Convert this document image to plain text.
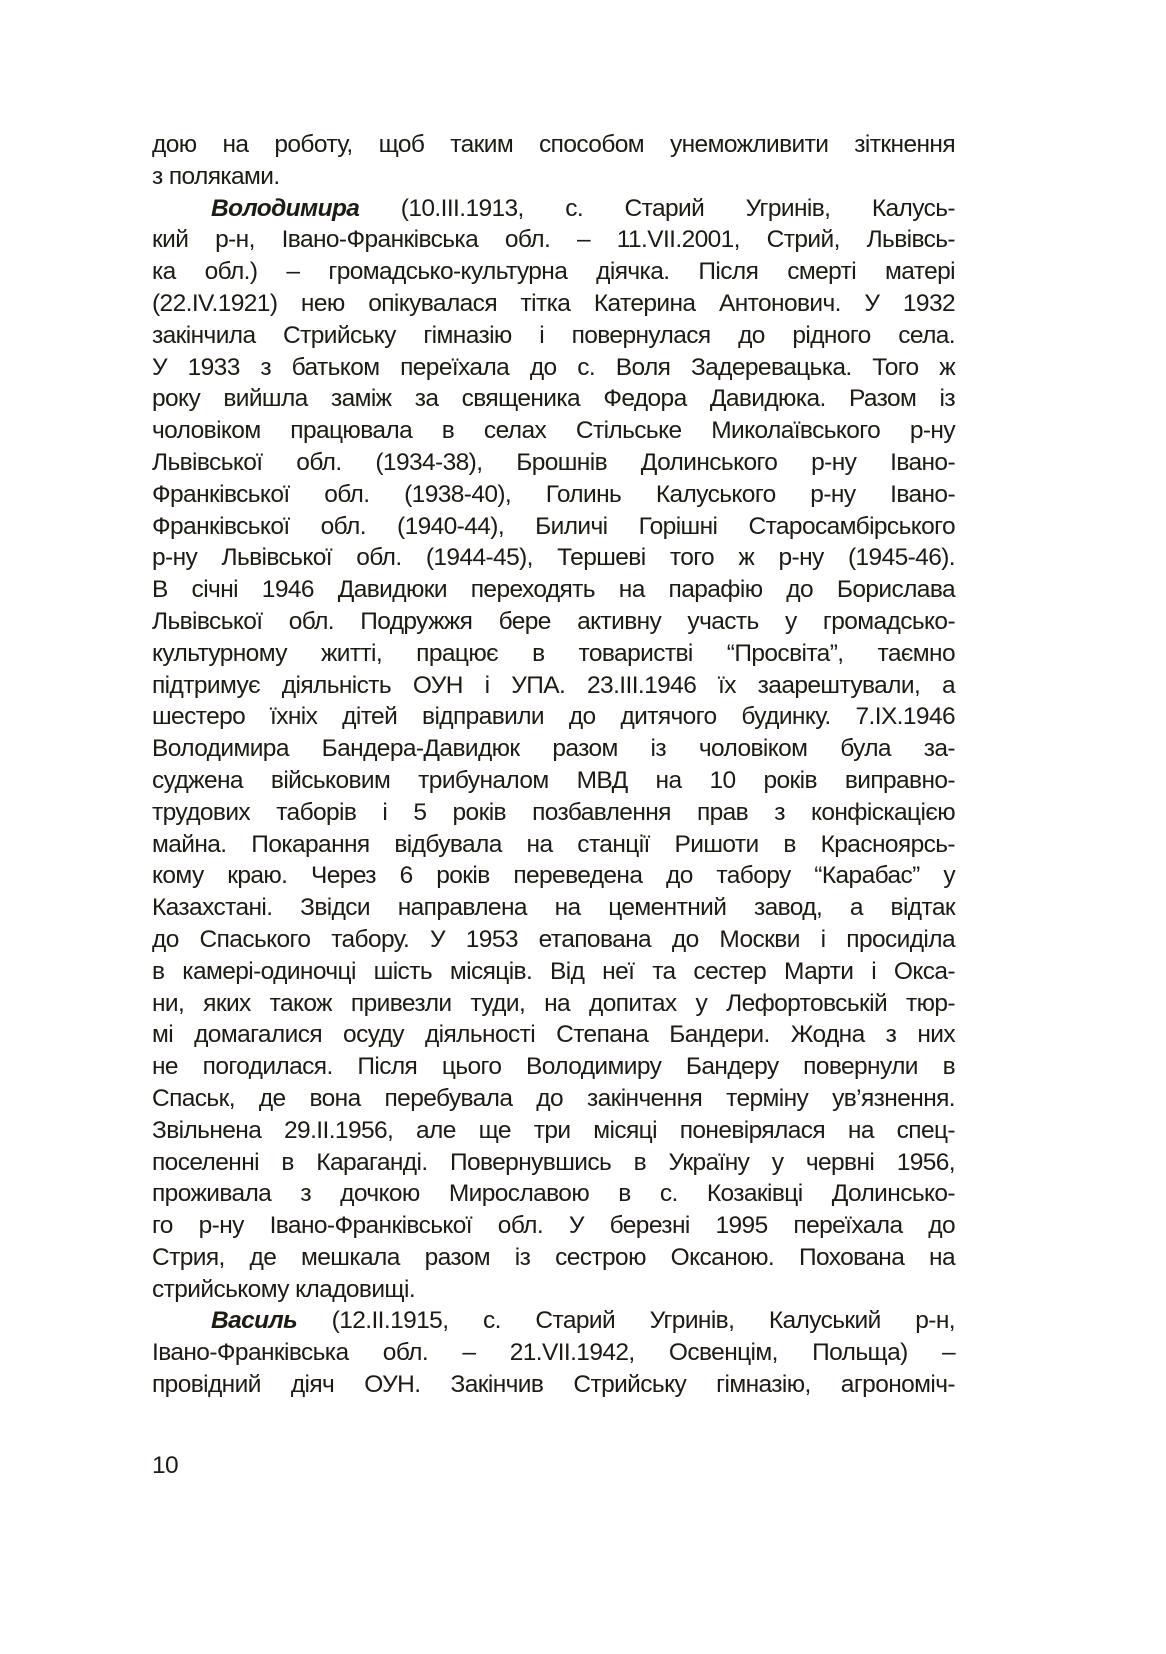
дою на роботу, щоб таким способом унеможливити зіткнення
з поляками.
Володимира (10.III.1913, с. Старий Угринів, Калусь-
кий р-н, Івано-Франківська обл. – 11.VII.2001, Стрий, Львівсь-
ка обл.) – громадсько-культурна діячка. Після смерті матері
(22.IV.1921) нею опікувалася тітка Катерина Антонович. У 1932
закінчила Стрийську гімназію і повернулася до рідного села.
У 1933 з батьком переїхала до с. Воля Задеревацька. Того ж
року вийшла заміж за священика Федора Давидюка. Разом із
чоловіком працювала в селах Стільське Миколаївського р-ну
Львівської обл. (1934-38), Брошнів Долинського р-ну Івано-
Франківської обл. (1938-40), Голинь Калуського р-ну Івано-
Франківської обл. (1940-44), Биличі Горішні Старосамбірського
р-ну Львівської обл. (1944-45), Тершеві того ж р-ну (1945-46).
В січні 1946 Давидюки переходять на парафію до Борислава
Львівської обл. Подружжя бере активну участь у громадсько-
культурному житті, працює в товаристві “Просвіта”, таємно
підтримує діяльність ОУН і УПА. 23.III.1946 їх заарештували, а
шестеро їхніх дітей відправили до дитячого будинку. 7.IX.1946
Володимира Бандера-Давидюк разом із чоловіком була за-
суджена військовим трибуналом МВД на 10 років виправно-
трудових таборів і 5 років позбавлення прав з конфіскацією
майна. Покарання відбувала на станції Ришоти в Красноярсь-
кому краю. Через 6 років переведена до табору “Карабас” у
Казахстані. Звідси направлена на цементний завод, а відтак
до Спаського табору. У 1953 етапована до Москви і просиділа
в камері-одиночці шість місяців. Від неї та сестер Марти і Окса-
ни, яких також привезли туди, на допитах у Лефортовській тюр-
мі домагалися осуду діяльності Степана Бандери. Жодна з них
не погодилася. Після цього Володимиру Бандеру повернули в
Спаськ, де вона перебувала до закінчення терміну ув’язнення.
Звільнена 29.II.1956, але ще три місяці поневірялася на спец-
поселенні в Караганді. Повернувшись в Україну у червні 1956,
проживала з дочкою Мирославою в с. Козаківці Долинсько-
го р-ну Івано-Франківської обл. У березні 1995 переїхала до
Стрия, де мешкала разом із сестрою Оксаною. Похована на
стрийському кладовищі.
Василь (12.II.1915, с. Старий Угринів, Калуський р-н,
Івано-Франківська обл. – 21.VII.1942, Освенцім, Польща) –
провідний діяч ОУН. Закінчив Стрийську гімназію, агрономіч-
10
